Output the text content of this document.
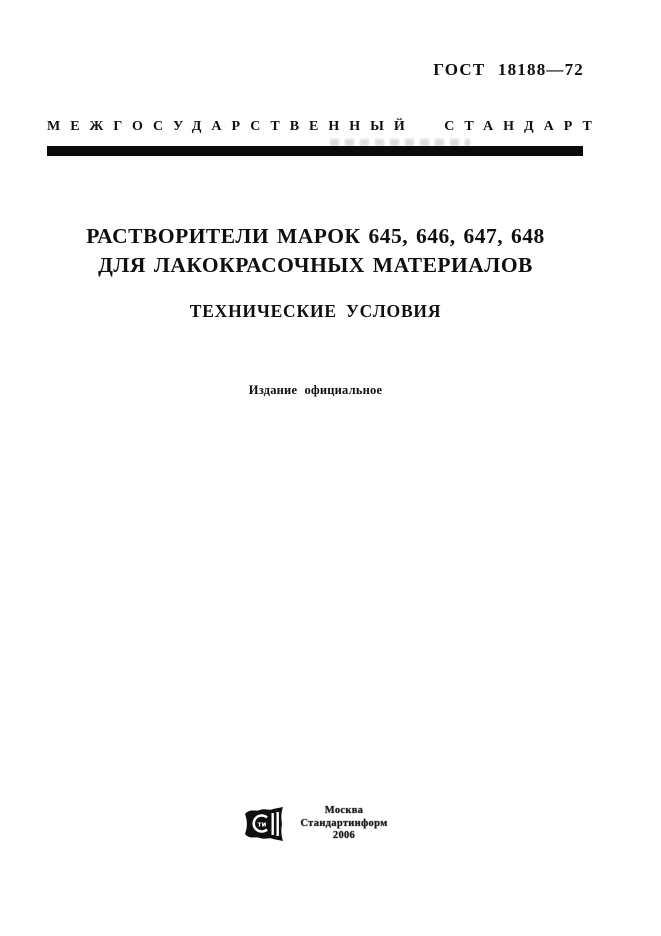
ГОСТ 18188—72
МЕЖГОСУДАРСТВЕННЫЙ СТАНДАРТ
РАСТВОРИТЕЛИ МАРОК 645, 646, 647, 648
ДЛЯ ЛАКОКРАСОЧНЫХ МАТЕРИАЛОВ
ТЕХНИЧЕСКИЕ УСЛОВИЯ
Издание официальное
ти
Москва
Стандартинформ
2006
